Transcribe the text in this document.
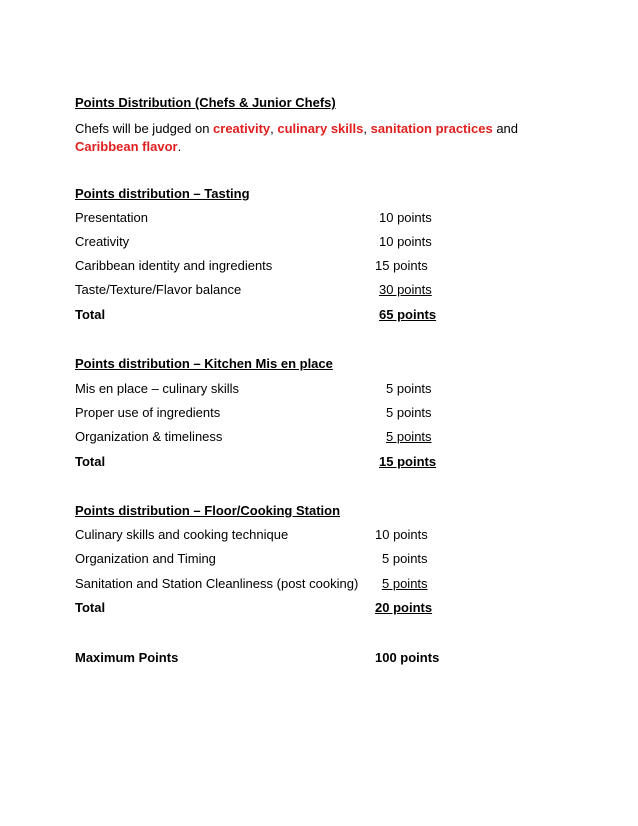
Points Distribution (Chefs & Junior Chefs)
Chefs will be judged on creativity, culinary skills, sanitation practices and
Caribbean flavor.
Points distribution – Tasting
Presentation	10 points
Creativity	10 points
Caribbean identity and ingredients	15 points
Taste/Texture/Flavor balance	30 points
Total	65 points
Points distribution – Kitchen Mis en place
Mis en place – culinary skills	5 points
Proper use of ingredients	5 points
Organization & timeliness	5 points
Total	15 points
Points distribution – Floor/Cooking Station
Culinary skills and cooking technique	10 points
Organization and Timing	5 points
Sanitation and Station Cleanliness (post cooking) 5 points
Total	20 points
Maximum Points	100 points
